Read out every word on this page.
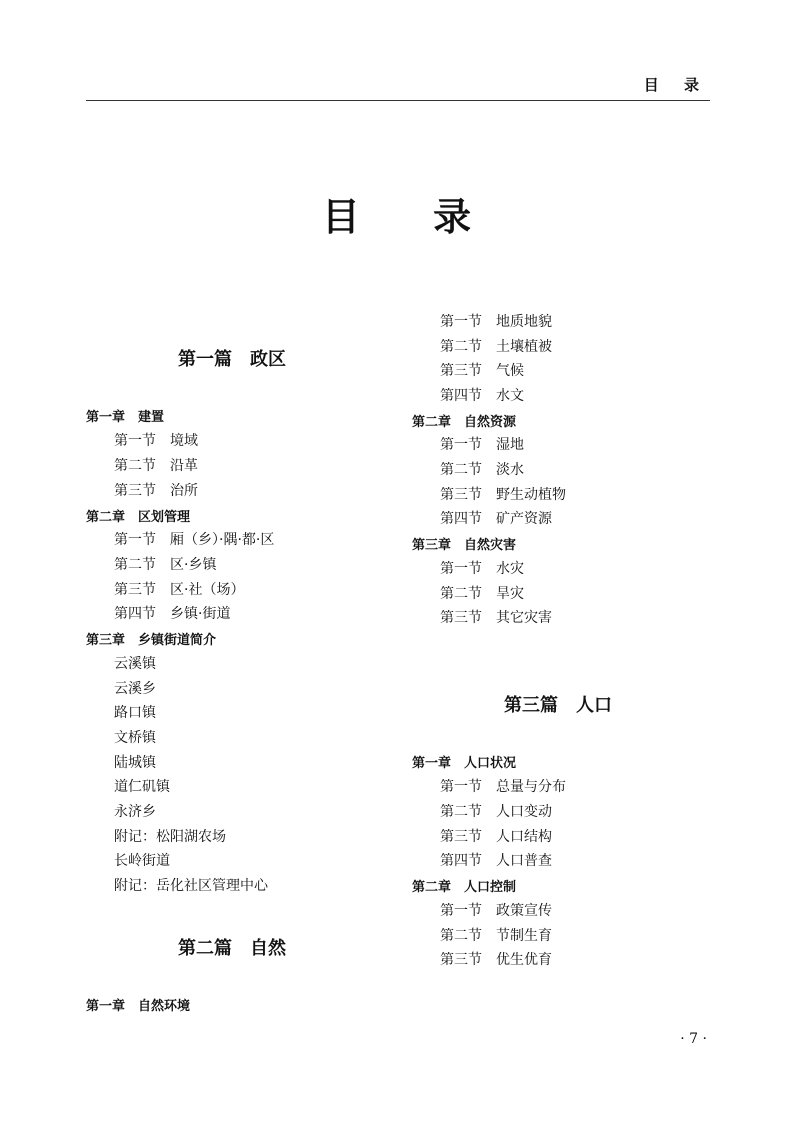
目 录
目 录
第一篇　政区
第一章　建置
第一节　境域
第二节　沿革
第三节　治所
第二章　区划管理
第一节　厢（乡）·隅·都·区
第二节　区·乡镇
第三节　区·社（场）
第四节　乡镇·街道
第三章　乡镇街道简介
云溪镇
云溪乡
路口镇
文桥镇
陆城镇
道仁矶镇
永济乡
附记：松阳湖农场
长岭街道
附记：岳化社区管理中心
第二篇　自然
第一章　自然环境
第一节　地质地貌
第二节　土壤植被
第三节　气候
第四节　水文
第二章　自然资源
第一节　湿地
第二节　淡水
第三节　野生动植物
第四节　矿产资源
第三章　自然灾害
第一节　水灾
第二节　旱灾
第三节　其它灾害
第三篇　人口
第一章　人口状况
第一节　总量与分布
第二节　人口变动
第三节　人口结构
第四节　人口普查
第二章　人口控制
第一节　政策宣传
第二节　节制生育
第三节　优生优育
· 7 ·
